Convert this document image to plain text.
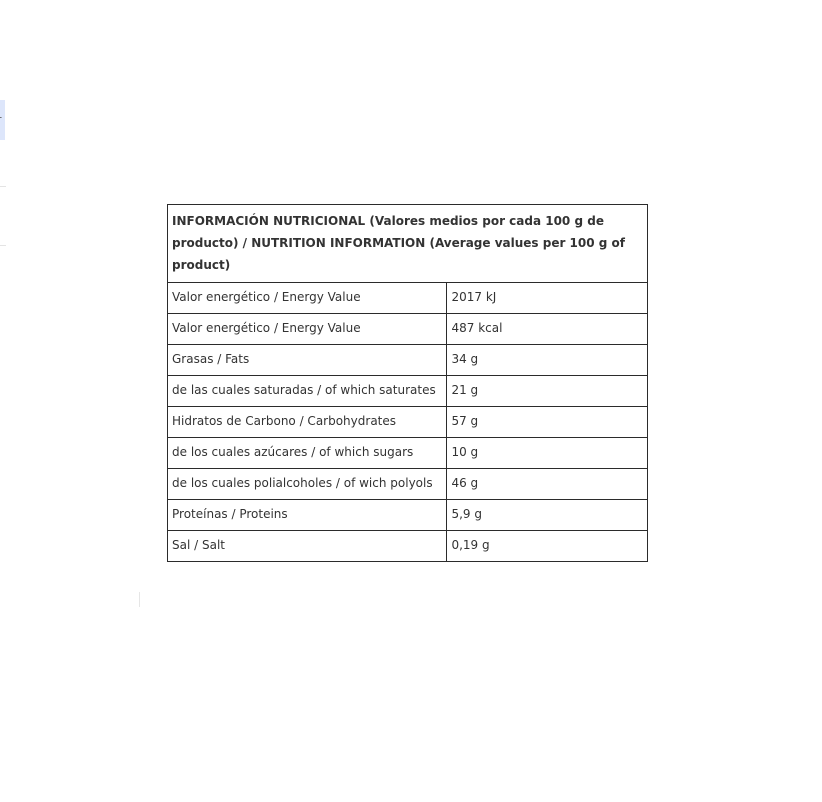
INFORMACIÓN NUTRICIONAL (Valores medios por cada 100 g de producto) / NUTRITION INFORMATION (Average values per 100 g of product)	
Valor energético / Energy Value	2017 kJ
Valor energético / Energy Value	487 kcal
Grasas / Fats	34 g
de las cuales saturadas / of which saturates	21 g
Hidratos de Carbono / Carbohydrates	57 g
de los cuales azúcares / of which sugars	10 g
de los cuales polialcoholes / of wich polyols	46 g
Proteínas / Proteins	5,9 g
Sal / Salt	0,19 g
